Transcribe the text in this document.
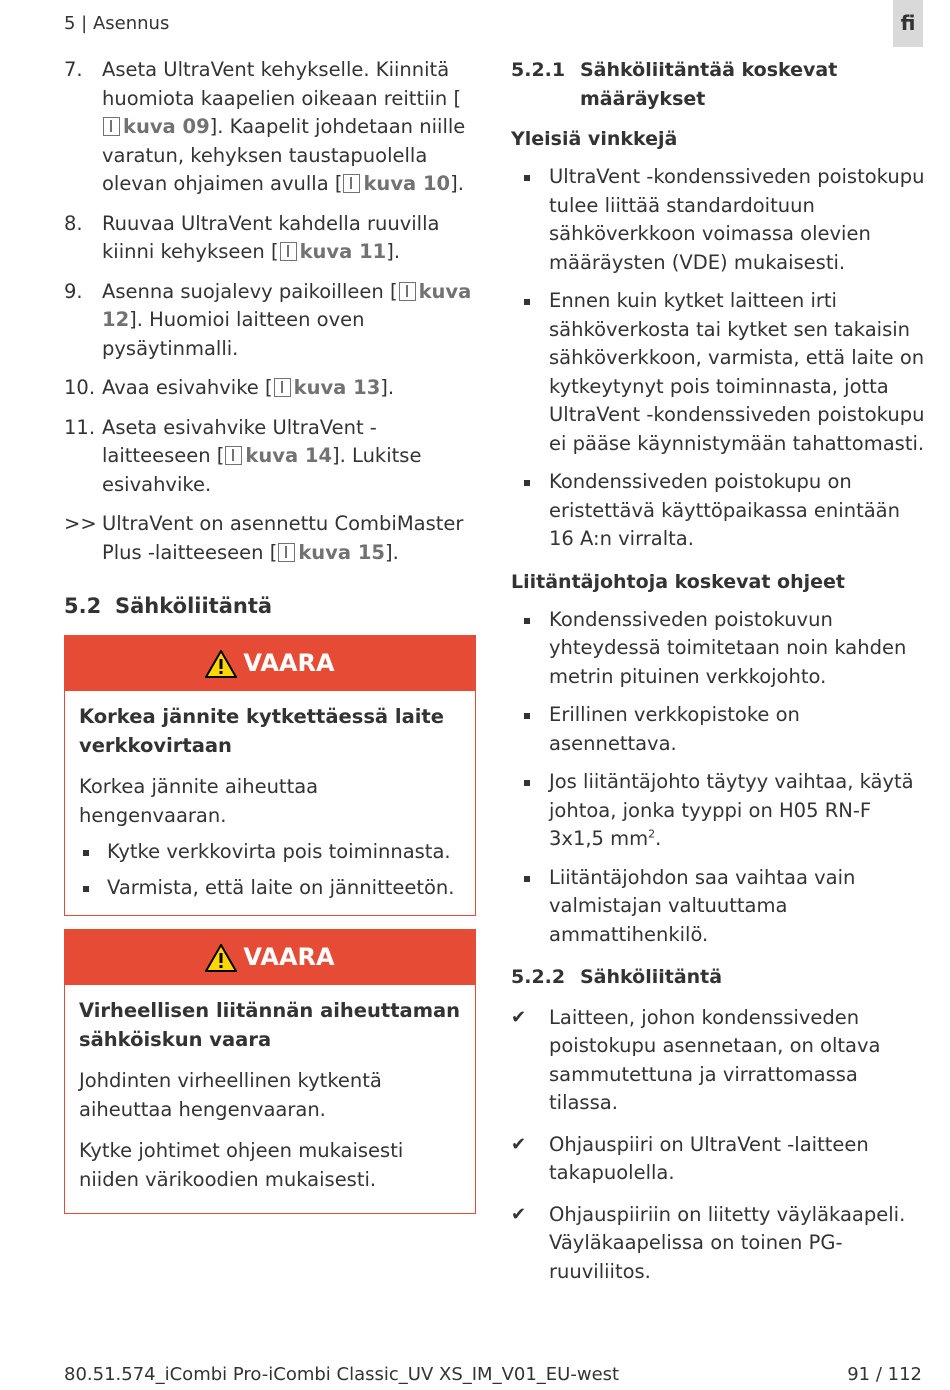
5 | Asennus	fi
7. Aseta UltraVent kehykselle. Kiinnitä huomiota kaapelien oikeaan reittiin [kuva 09]. Kaapelit johdetaan niille varatun, kehyksen taustapuolella olevan ohjaimen avulla [ kuva 10].
8. Ruuvaa UltraVent kahdella ruuvilla kiinni kehykseen [ kuva 11].
9. Asenna suojalevy paikoilleen [ kuva 12]. Huomioi laitteen oven pysäytinmalli.
10. Avaa esivahvike [ kuva 13].
11. Aseta esivahvike UltraVent -laitteeseen [ kuva 14]. Lukitse esivahvike.
>> UltraVent on asennettu CombiMaster Plus -laitteeseen [ kuva 15].
5.2 Sähköliitäntä
VAARA

Korkea jännite kytkettäessä laite verkkovirtaan

Korkea jännite aiheuttaa hengenvaaran.

Kytke verkkovirta pois toiminnasta.
Varmista, että laite on jännitteetön.
VAARA

Virheellisen liitännän aiheuttaman sähköiskun vaara

Johdinten virheellinen kytkentä aiheuttaa hengenvaaran.

Kytke johtimet ohjeen mukaisesti niiden värikoodien mukaisesti.

5.2.1 Sähköliitäntää koskevat määräykset
Yleisiä vinkkejä
UltraVent -kondenssiveden poistokupu tulee liittää standardoituun sähköverkkoon voimassa olevien määräysten (VDE) mukaisesti.
Ennen kuin kytket laitteen irti sähköverkosta tai kytket sen takaisin sähköverkkoon, varmista, että laite on kytkeytynyt pois toiminnasta, jotta UltraVent -kondenssiveden poistokupu ei pääse käynnistymään tahattomasti.
Kondenssiveden poistokupu on eristettävä käyttöpaikassa enintään 16 A:n virralta.
Liitäntäjohtoja koskevat ohjeet
Kondenssiveden poistokuvun yhteydessä toimitetaan noin kahden metrin pituinen verkkojohto.
Erillinen verkkopistoke on asennettava.
Jos liitäntäjohto täytyy vaihtaa, käytä johtoa, jonka tyyppi on H05 RN-F 3x1,5 $mm^2$.
Liitäntäjohdon saa vaihtaa vain valmistajan valtuuttama ammattihenkilö.
5.2.2 Sähköliitäntä
✔	Laitteen, johon kondenssiveden poistokupu asennetaan, on oltava sammutettuna ja virrattomassa tilassa.
✔	Ohjauspiiri on UltraVent -laitteen takapuolella.
✔	Ohjauspiiriin on liitetty väyläkaapeli. Väyläkaapelissa on toinen PG-ruuviliitos.
80.51.574_iCombi Pro-iCombi Classic_UV XS_IM_V01_EU-west	91 / 112
